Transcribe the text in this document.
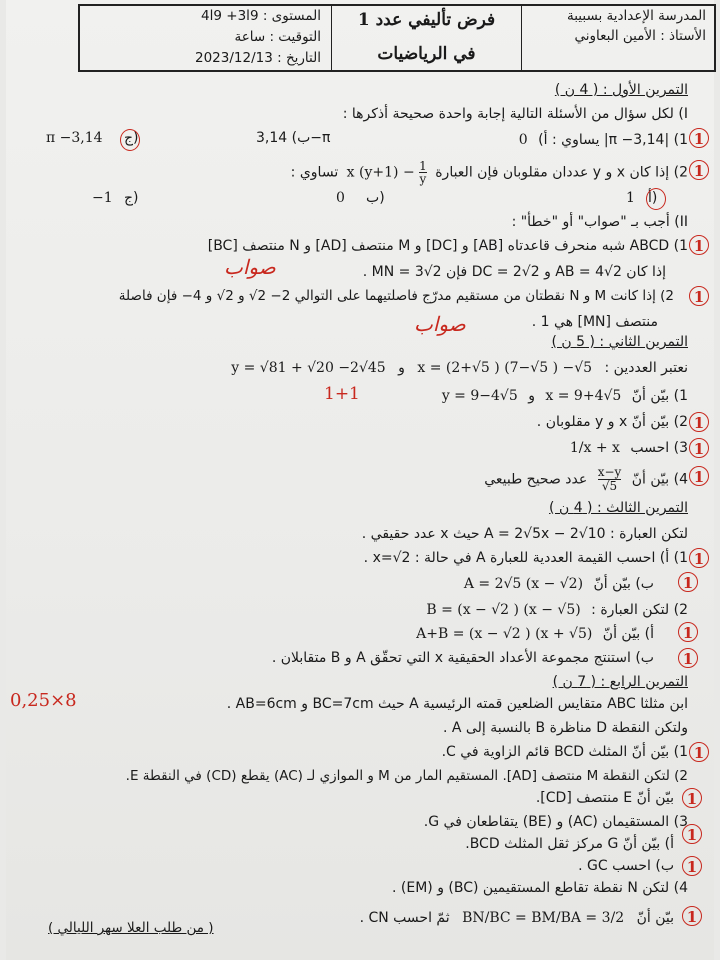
المدرسة الإعدادية بسبيبة
الأستاذ : الأمين البعاوني
فرض تأليفي عدد 1
في الرياضيات
المستوى : 9ا3+ 9ا4
التوقيت : ساعة
التاريخ : 2023/12/13
التمرين الأول : ( 4 ن )
I) لكل سؤال من الأسئلة التالية إجابة واحدة صحيحة أذكرها :
1) |π −3,14| يساوي : أ) 0
ب) 3,14−π
π −3,14 ج)	1
2) إذا كان x و y عددان مقلوبان فإن العبارة x $(y+1) - \frac{1}{y}$
تساوي :	1
1 أ)
0 ب)
−1 ج)
II) أجب بـ "صواب" أو "خطأ" :
1) ABCD شبه منحرف قاعدتاه [AB] و [DC] و M منتصف [AD] و N منتصف [BC] 1
إذا كان AB = 4√2 و DC = 2√2 فإن MN = 3√2 .
صواب
2) إذا كانت M و N نقطتان من مستقيم مدرّج فاصلتيهما على التوالي 2− 2√ و 2√ و 4− فإن فاصلة	1
منتصف [MN] هي 1 .
صواب
التمرين الثاني : ( 5 ن )
نعتبر العددين : x = (2+√5 ) (7−√5 ) −√5 و y = √81 + √20 −2√45
1) بيّن أنّ x = 9+4√5 و y = 9−4√5
1+1
2) بيّن أنّ x و y مقلوبان . 1
3) احسب 1/x + x	1
4) بيّن أنّ
$\frac{x-y}{√5}$
عدد صحيح طبيعي	1
التمرين الثالث : ( 4 ن )
لتكن العبارة : A = 2√5x − 2√10 حيث x عدد حقيقي .
1) أ) احسب القيمة العددية للعبارة A في حالة : x=√2 . 1
ب) بيّن أنّ A = 2√5 (x − √2)	1
2) لتكن العبارة : B = (x − √2 ) (x − √5)
أ) بيّن أنّ A+B = (x − √2 ) (x + √5)	1
ب) استنتج مجموعة الأعداد الحقيقية x التي تحقّق A و B متقابلان .	1
التمرين الرابع : ( 7 ن )
0,25×8	ابن مثلثا ABC متقايس الضلعين قمته الرئيسية A حيث BC=7cm و AB=6cm .
ولتكن النقطة D مناظرة B بالنسبة إلى A .
1) بيّن أنّ المثلث BCD قائم الزاوية في C. 1
2) لتكن النقطة M منتصف [AD]. المستقيم المار من M و الموازي لـ (AC) يقطع (CD) في النقطة E.
بيّن أنّ E منتصف [CD]. 1
3) المستقيمان (AC) و (BE) يتقاطعان في G.
أ) بيّن أنّ G مركز ثقل المثلث BCD. 1
ب) احسب GC . 1
4) لتكن N نقطة تقاطع المستقيمين (BC) و (EM) .
بيّن أنّ BN/BC = BM/BA = 3/2 ثمّ احسب CN .	1
( من طلب العلا سهر الليالي )
